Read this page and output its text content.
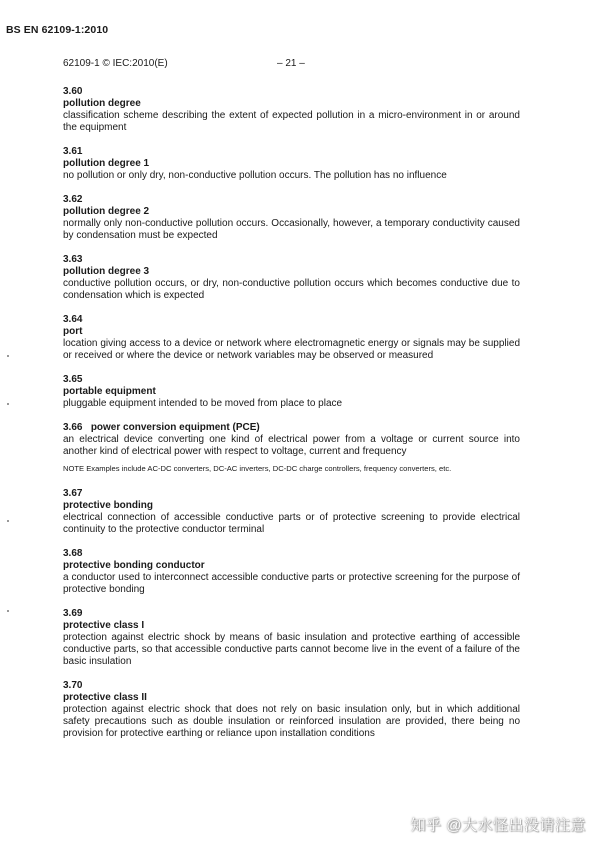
BS EN 62109-1:2010
62109-1 © IEC:2010(E)	– 21 –
3.60
pollution degree
classification scheme describing the extent of expected pollution in a micro-environment in or around the equipment
3.61
pollution degree 1
no pollution or only dry, non-conductive pollution occurs. The pollution has no influence
3.62
pollution degree 2
normally only non-conductive pollution occurs. Occasionally, however, a temporary conductivity caused by condensation must be expected
3.63
pollution degree 3
conductive pollution occurs, or dry, non-conductive pollution occurs which becomes conductive due to condensation which is expected
3.64
port
location giving access to a device or network where electromagnetic energy or signals may be supplied or received or where the device or network variables may be observed or measured
3.65
portable equipment
pluggable equipment intended to be moved from place to place
3.66 power conversion equipment (PCE)
an electrical device converting one kind of electrical power from a voltage or current source into another kind of electrical power with respect to voltage, current and frequency
NOTE Examples include AC-DC converters, DC-AC inverters, DC-DC charge controllers, frequency converters, etc.
3.67
protective bonding
electrical connection of accessible conductive parts or of protective screening to provide electrical continuity to the protective conductor terminal
3.68
protective bonding conductor
a conductor used to interconnect accessible conductive parts or protective screening for the purpose of protective bonding
3.69
protective class I
protection against electric shock by means of basic insulation and protective earthing of accessible conductive parts, so that accessible conductive parts cannot become live in the event of a failure of the basic insulation
3.70
protective class II
protection against electric shock that does not rely on basic insulation only, but in which additional safety precautions such as double insulation or reinforced insulation are provided, there being no provision for protective earthing or reliance upon installation conditions
知乎 @大水怪出没请注意
